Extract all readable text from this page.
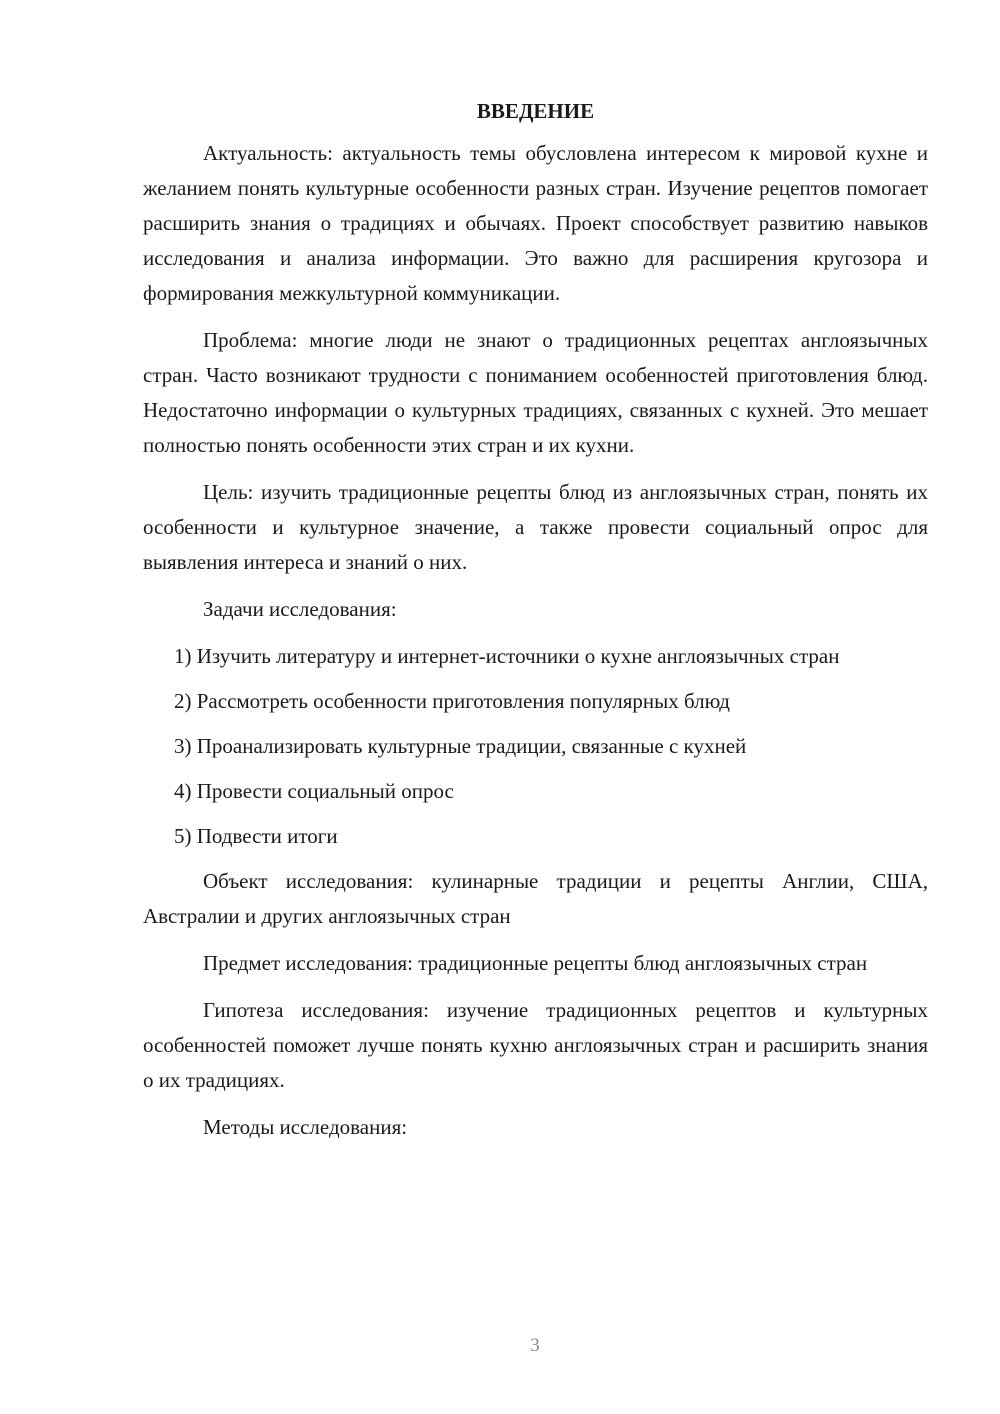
ВВЕДЕНИЕ

Актуальность: актуальность темы обусловлена интересом к мировой кухне и желанием понять культурные особенности разных стран. Изучение рецептов помогает расширить знания о традициях и обычаях. Проект способствует развитию навыков исследования и анализа информации. Это важно для расширения кругозора и формирования межкультурной коммуникации.

Проблема: многие люди не знают о традиционных рецептах англоязычных стран. Часто возникают трудности с пониманием особенностей приготовления блюд. Недостаточно информации о культурных традициях, связанных с кухней. Это мешает полностью понять особенности этих стран и их кухни.

Цель: изучить традиционные рецепты блюд из англоязычных стран, понять их особенности и культурное значение, а также провести социальный опрос для выявления интереса и знаний о них.

Задачи исследования:

1) Изучить литературу и интернет-источники о кухне англоязычных стран

2) Рассмотреть особенности приготовления популярных блюд

3) Проанализировать культурные традиции, связанные с кухней

4) Провести социальный опрос

5) Подвести итоги

Объект исследования: кулинарные традиции и рецепты Англии, США, Австралии и других англоязычных стран

Предмет исследования: традиционные рецепты блюд англоязычных стран

Гипотеза исследования: изучение традиционных рецептов и культурных особенностей поможет лучше понять кухню англоязычных стран и расширить знания о их традициях.

Методы исследования:

3
